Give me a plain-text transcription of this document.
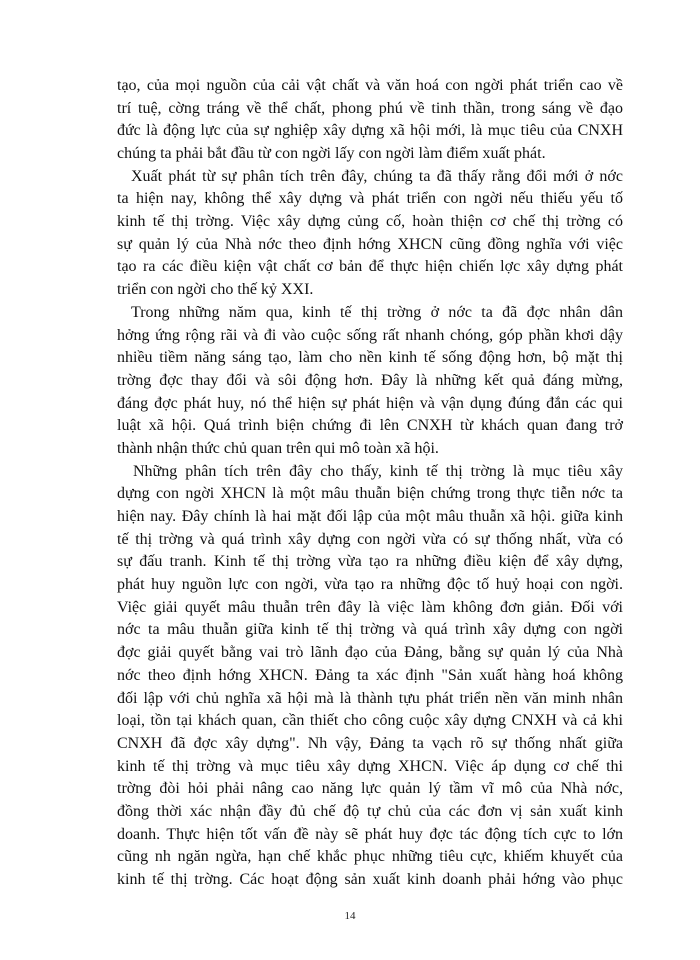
tạo, của mọi nguồn của cải vật chất và văn hoá con ngời phát triển cao về
trí tuệ, cờng tráng về thể chất, phong phú về tinh thần, trong sáng về đạo
đức là động lực của sự nghiệp xây dựng xã hội mới, là mục tiêu của CNXH
chúng ta phải bắt đầu từ con ngời lấy con ngời làm điểm xuất phát.
Xuất phát từ sự phân tích trên đây, chúng ta đã thấy rằng đổi mới ở nớc
ta hiện nay, không thể xây dựng và phát triển con ngời nếu thiếu yếu tố
kinh tế thị trờng. Việc xây dựng củng cố, hoàn thiện cơ chế thị trờng có
sự quản lý của Nhà nớc theo định hớng XHCN cũng đồng nghĩa với việc
tạo ra các điều kiện vật chất cơ bản để thực hiện chiến lợc xây dựng phát
triển con ngời cho thế kỷ XXI.
Trong những năm qua, kinh tế thị trờng ở nớc ta đã đợc nhân dân
hởng ứng rộng rãi và đi vào cuộc sống rất nhanh chóng, góp phần khơi dậy
nhiều tiềm năng sáng tạo, làm cho nền kinh tế sống động hơn, bộ mặt thị
trờng đợc thay đổi và sôi động hơn. Đây là những kết quả đáng mừng,
đáng đợc phát huy, nó thể hiện sự phát hiện và vận dụng đúng đắn các qui
luật xã hội. Quá trình biện chứng đi lên CNXH từ khách quan đang trở
thành nhận thức chủ quan trên qui mô toàn xã hội.
Những phân tích trên đây cho thấy, kinh tế thị trờng là mục tiêu xây
dựng con ngời XHCN là một mâu thuẫn biện chứng trong thực tiễn nớc ta
hiện nay. Đây chính là hai mặt đối lập của một mâu thuẫn xã hội. giữa kinh
tế thị trờng và quá trình xây dựng con ngời vừa có sự thống nhất, vừa có
sự đấu tranh. Kinh tế thị trờng vừa tạo ra những điều kiện để xây dựng,
phát huy nguồn lực con ngời, vừa tạo ra những độc tố huỷ hoại con ngời.
Việc giải quyết mâu thuẫn trên đây là việc làm không đơn giản. Đối với
nớc ta mâu thuẫn giữa kinh tế thị trờng và quá trình xây dựng con ngời
đợc giải quyết bằng vai trò lãnh đạo của Đảng, bằng sự quản lý của Nhà
nớc theo định hớng XHCN. Đảng ta xác định "Sản xuất hàng hoá không
đối lập với chủ nghĩa xã hội mà là thành tựu phát triển nền văn minh nhân
loại, tồn tại khách quan, cần thiết cho công cuộc xây dựng CNXH và cả khi
CNXH đã đợc xây dựng". Nh vậy, Đảng ta vạch rõ sự thống nhất giữa
kinh tế thị trờng và mục tiêu xây dựng XHCN. Việc áp dụng cơ chế thi
trờng đòi hỏi phải nâng cao năng lực quản lý tầm vĩ mô của Nhà nớc,
đồng thời xác nhận đầy đủ chế độ tự chủ của các đơn vị sản xuất kinh
doanh. Thực hiện tốt vấn đề này sẽ phát huy đợc tác động tích cực to lớn
cũng nh ngăn ngừa, hạn chế khắc phục những tiêu cực, khiếm khuyết của
kinh tế thị trờng. Các hoạt động sản xuất kinh doanh phải hớng vào phục
14
